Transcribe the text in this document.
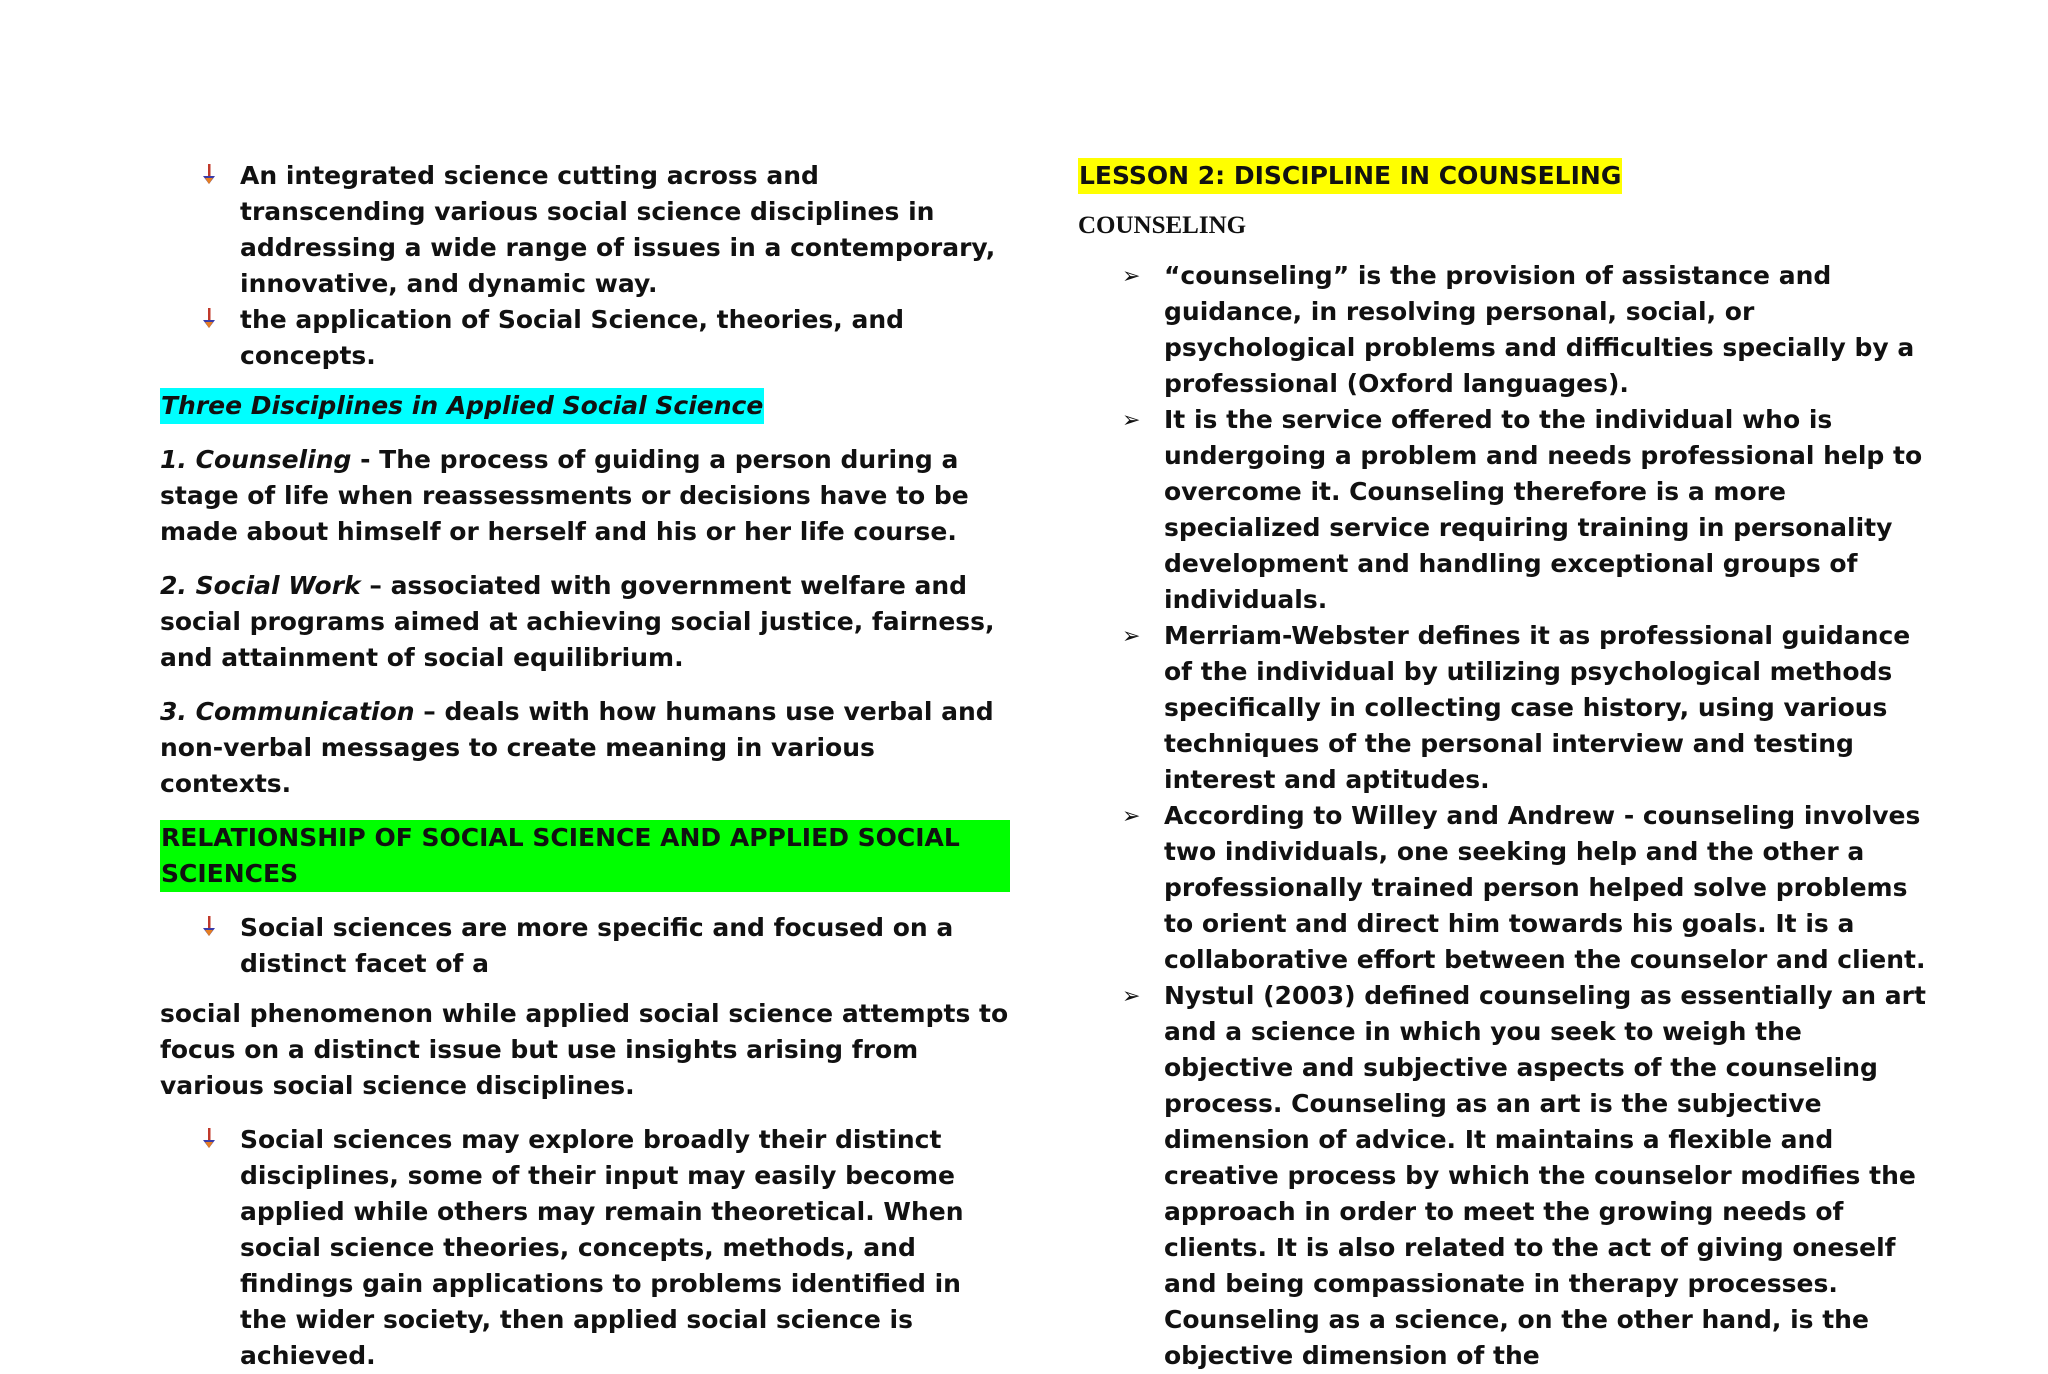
An integrated science cutting across and transcending various social science disciplines in addressing a wide range of issues in a contemporary, innovative, and dynamic way.
the application of Social Science, theories, and concepts.
Three Disciplines in Applied Social Science

1. Counseling - The process of guiding a person during a stage of life when reassessments or decisions have to be made about himself or herself and his or her life course.

2. Social Work – associated with government welfare and social programs aimed at achieving social justice, fairness, and attainment of social equilibrium.

3. Communication – deals with how humans use verbal and non-verbal messages to create meaning in various contexts.

RELATIONSHIP OF SOCIAL SCIENCE AND APPLIED SOCIAL SCIENCES
Social sciences are more specific and focused on a distinct facet of a

social phenomenon while applied social science attempts to focus on a distinct issue but use insights arising from various social science disciplines.

Social sciences may explore broadly their distinct disciplines, some of their input may easily become applied while others may remain theoretical. When social science theories, concepts, methods, and findings gain applications to problems identified in the wider society, then applied social science is achieved.
LESSON 2: DISCIPLINE IN COUNSELING
COUNSELING
➢ “counseling” is the provision of assistance and guidance, in resolving personal, social, or psychological problems and difficulties specially by a professional (Oxford languages).
➢ It is the service offered to the individual who is undergoing a problem and needs professional help to overcome it. Counseling therefore is a more specialized service requiring training in personality development and handling exceptional groups of individuals.
➢ Merriam-Webster defines it as professional guidance of the individual by utilizing psychological methods specifically in collecting case history, using various techniques of the personal interview and testing interest and aptitudes.
➢ According to Willey and Andrew - counseling involves two individuals, one seeking help and the other a professionally trained person helped solve problems to orient and direct him towards his goals. It is a collaborative effort between the counselor and client.
➢ Nystul (2003) defined counseling as essentially an art and a science in which you seek to weigh the objective and subjective aspects of the counseling process. Counseling as an art is the subjective dimension of advice. It maintains a flexible and creative process by which the counselor modifies the approach in order to meet the growing needs of clients. It is also related to the act of giving oneself and being compassionate in therapy processes. Counseling as a science, on the other hand, is the objective dimension of the
